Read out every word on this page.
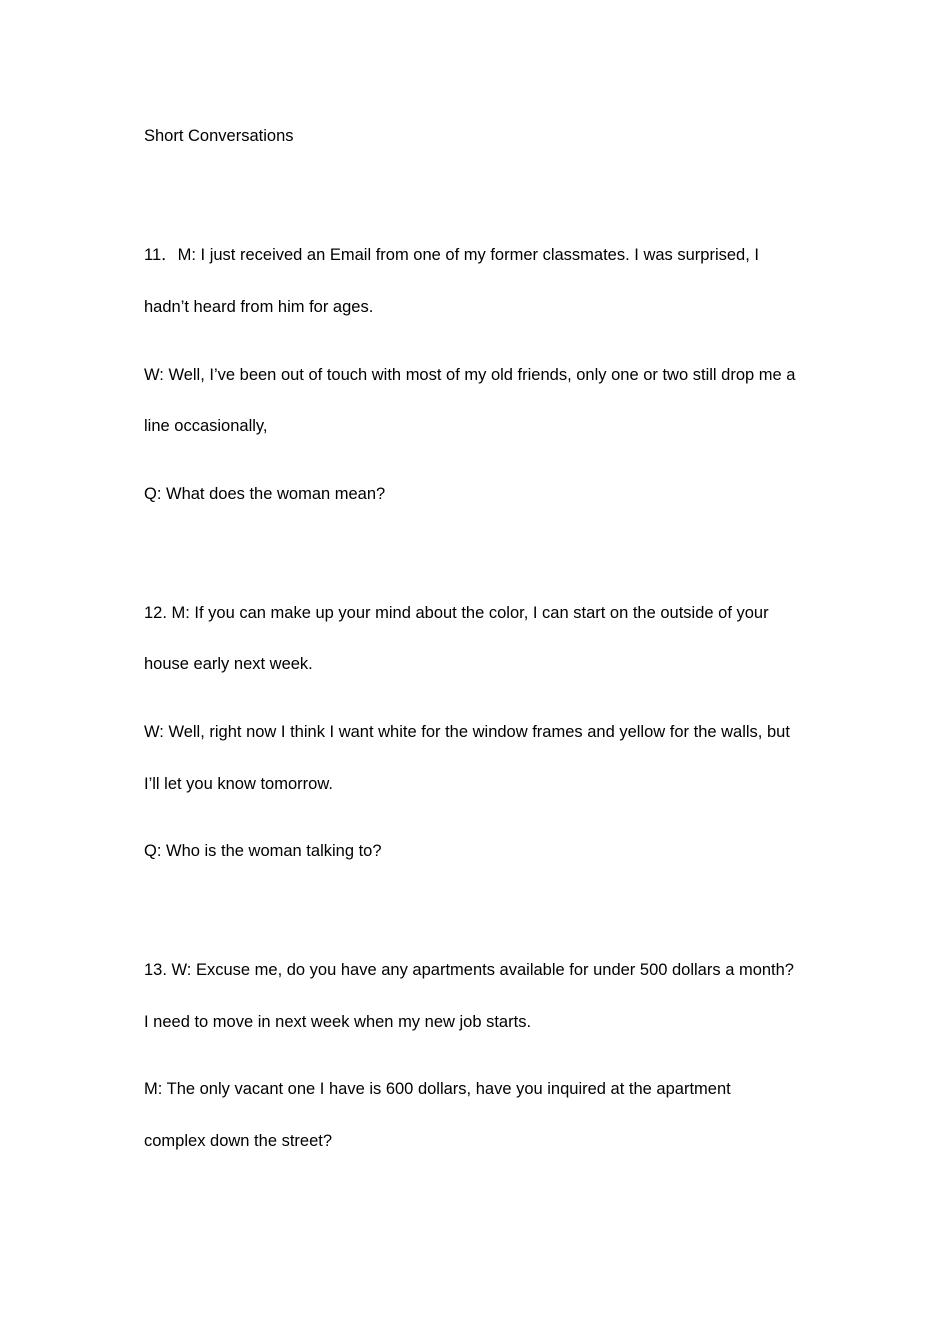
Short Conversations

11．M: I just received an Email from one of my former classmates. I was surprised, I

hadn’t heard from him for ages.

W: Well, I’ve been out of touch with most of my old friends, only one or two still drop me a

line occasionally,

Q: What does the woman mean?

12. M: If you can make up your mind about the color, I can start on the outside of your

house early next week.

W: Well, right now I think I want white for the window frames and yellow for the walls, but

I’ll let you know tomorrow.

Q: Who is the woman talking to?

13. W: Excuse me, do you have any apartments available for under 500 dollars a month?

I need to move in next week when my new job starts.

M: The only vacant one I have is 600 dollars, have you inquired at the apartment

complex down the street?
